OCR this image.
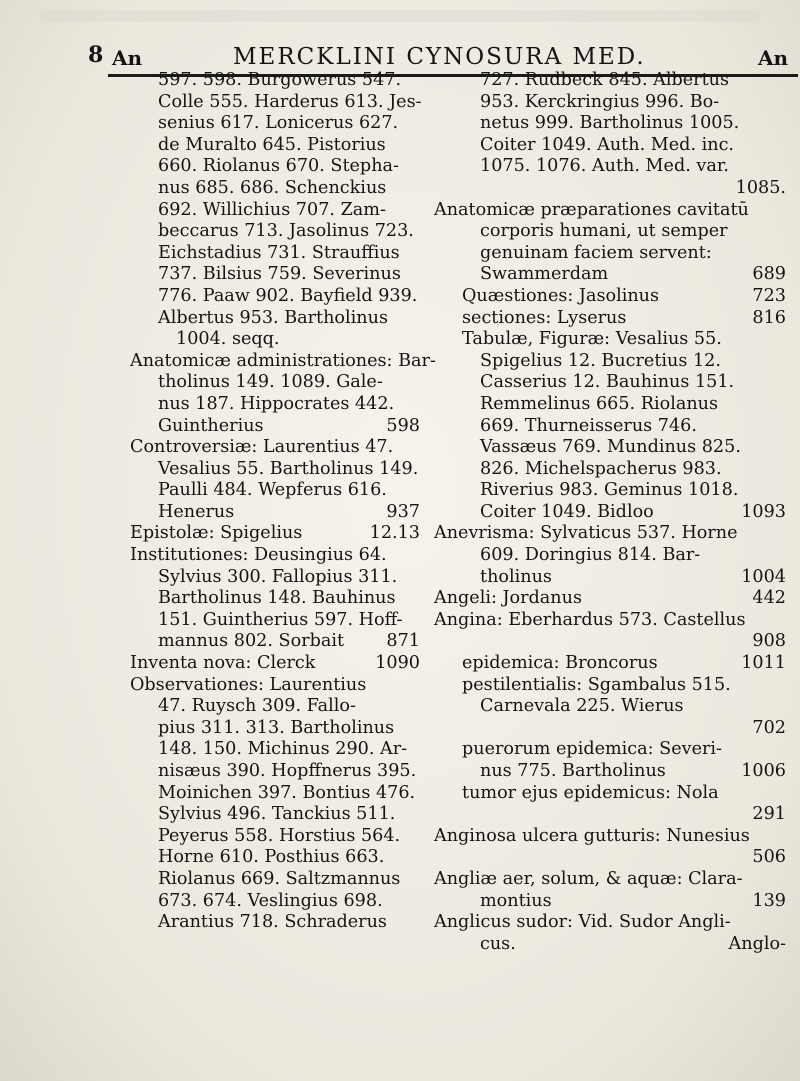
8 An	MERCKLINI CYNOSURA MED.	An
597. 598. Burgowerus 547.
Colle 555. Harderus 613. Jes-
senius 617. Lonicerus 627.
de Muralto 645. Pistorius
660. Riolanus 670. Stepha-
nus 685. 686. Schenckius
692. Willichius 707. Zam-
beccarus 713. Jasolinus 723.
Eichstadius 731. Strauffius
737. Bilsius 759. Severinus
776. Paaw 902. Bayfield 939.
Albertus 953. Bartholinus
1004. seqq.
Anatomicæ administrationes: Bar-
tholinus 149. 1089. Gale-
nus 187. Hippocrates 442.
Guintherius	598
Controversiæ: Laurentius 47.
Vesalius 55. Bartholinus 149.
Paulli 484. Wepferus 616.
Henerus	937
Epistolæ: Spigelius	12.13
Institutiones: Deusingius 64.
Sylvius 300. Fallopius 311.
Bartholinus 148. Bauhinus
151. Guintherius 597. Hoff-
mannus 802. Sorbait	871
Inventa nova: Clerck	1090
Observationes: Laurentius
47. Ruysch 309. Fallo-
pius 311. 313. Bartholinus
148. 150. Michinus 290. Ar-
nisæus 390. Hopffnerus 395.
Moinichen 397. Bontius 476.
Sylvius 496. Tanckius 511.
Peyerus 558. Horstius 564.
Horne 610. Posthius 663.
Riolanus 669. Saltzmannus
673. 674. Veslingius 698.
Arantius 718. Schraderus
727. Rudbeck 845. Albertus
953. Kerckringius 996. Bo-
netus 999. Bartholinus 1005.
Coiter 1049. Auth. Med. inc.
1075. 1076. Auth. Med. var.
1085.
Anatomicæ præparationes cavitatū
corporis humani, ut semper
genuinam faciem servent:
Swammerdam	689
Quæstiones: Jasolinus	723
sectiones: Lyserus	816
Tabulæ, Figuræ: Vesalius 55.
Spigelius 12. Bucretius 12.
Casserius 12. Bauhinus 151.
Remmelinus 665. Riolanus
669. Thurneisserus 746.
Vassæus 769. Mundinus 825.
826. Michelspacherus 983.
Riverius 983. Geminus 1018.
Coiter 1049. Bidloo	1093
Anevrisma: Sylvaticus 537. Horne
609. Doringius 814. Bar-
tholinus	1004
Angeli: Jordanus	442
Angina: Eberhardus 573. Castellus
908
epidemica: Broncorus	1011
pestilentialis: Sgambalus 515.
Carnevala 225. Wierus
702
puerorum epidemica: Severi-
nus 775. Bartholinus	1006
tumor ejus epidemicus: Nola
291
Anginosa ulcera gutturis: Nunesius
506
Angliæ aer, solum, & aquæ: Clara-
montius	139
Anglicus sudor: Vid. Sudor Angli-
cus.	Anglo-
